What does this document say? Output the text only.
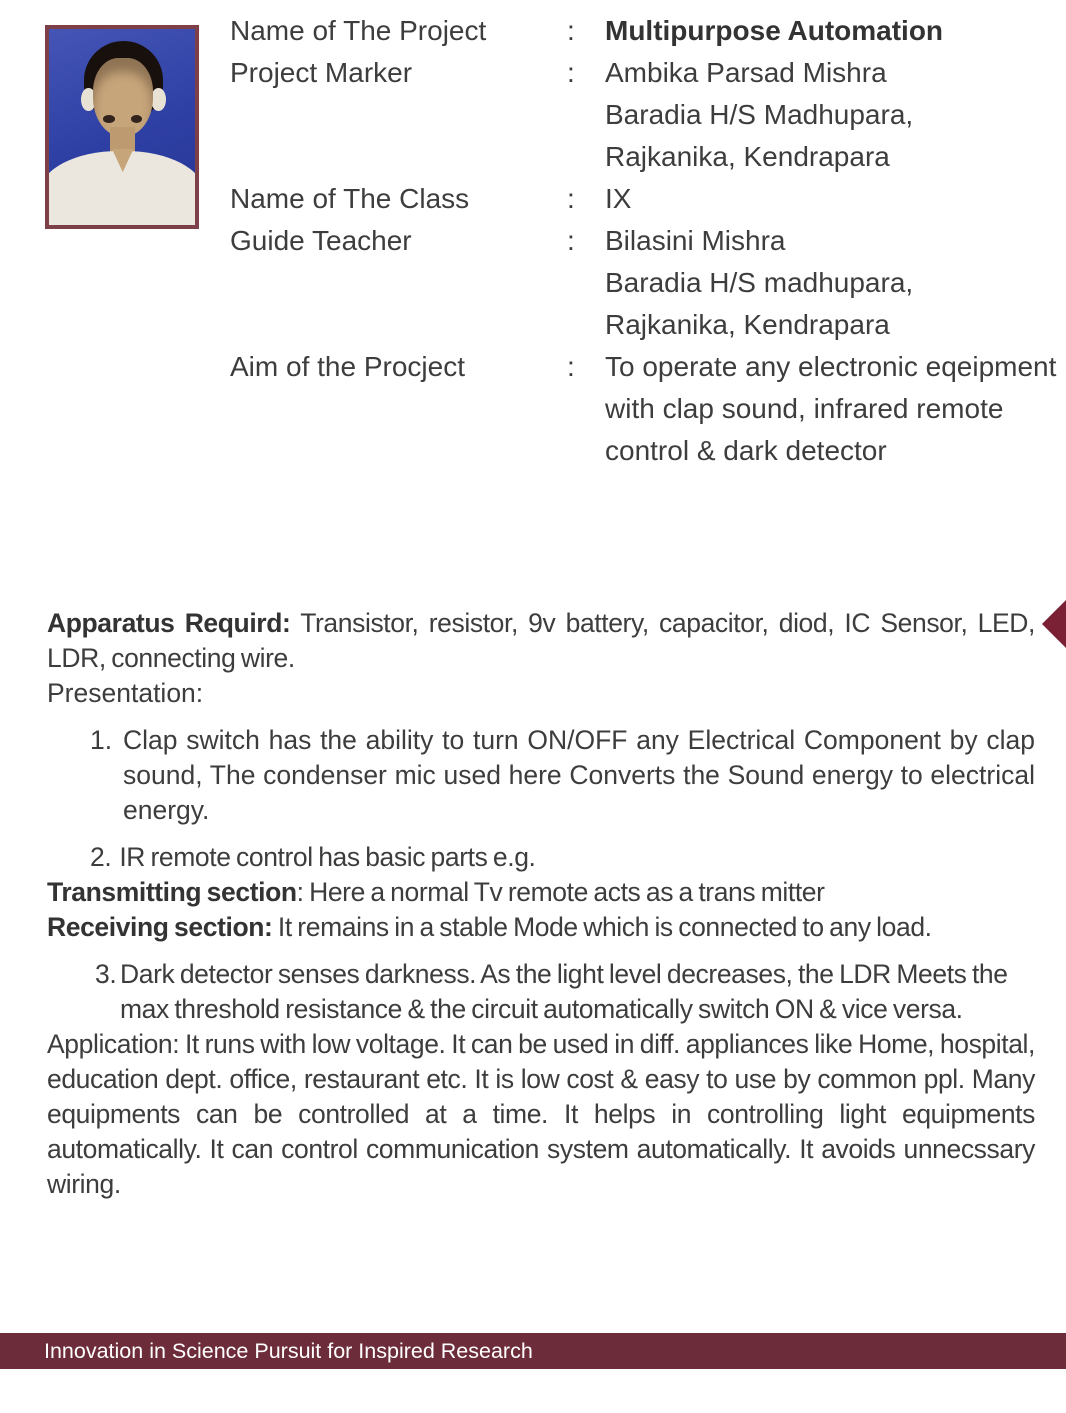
Name of The Project	:	Multipurpose Automation
Project Marker	:	Ambika Parsad Mishra
Baradia H/S Madhupara,
Rajkanika, Kendrapara
Name of The Class	:	IX
Guide Teacher	:	Bilasini Mishra
Baradia H/S madhupara,
Rajkanika, Kendrapara
Aim of the Procject	:	To operate any electronic eqeipment
with clap sound, infrared remote
control & dark detector

Apparatus Requird: Transistor, resistor, 9v battery, capacitor, diod, IC Sensor, LED, LDR, connecting wire.

Presentation:

1. Clap switch has the ability to turn ON/OFF any Electrical Component by clap sound, The condenser mic used here Converts the Sound energy to electrical energy.
2. IR remote control has basic parts e.g.

Transmitting section: Here a normal Tv remote acts as a trans mitter

Receiving section: It remains in a stable Mode which is connected to any load.

3. Dark detector senses darkness. As the light level decreases, the LDR Meets the max threshold resistance & the circuit automatically switch ON & vice versa.

Application: It runs with low voltage. It can be used in diff. appliances like Home, hospital, education dept. office, restaurant etc. It is low cost & easy to use by common ppl. Many equipments can be controlled at a time. It helps in controlling light equipments automatically. It can control communication system automatically. It avoids unnecssary wiring.

Innovation in Science Pursuit for Inspired Research
